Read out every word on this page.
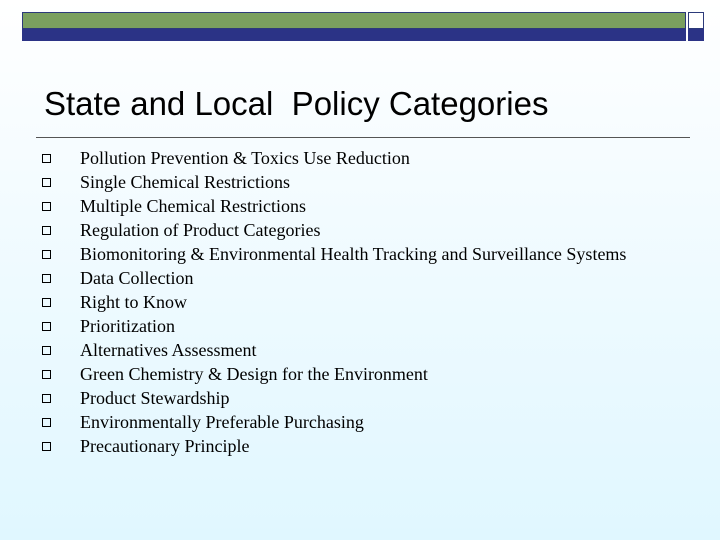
State and Local  Policy Categories
Pollution Prevention & Toxics Use Reduction
Single Chemical Restrictions
Multiple Chemical Restrictions
Regulation of Product Categories
Biomonitoring & Environmental Health Tracking and Surveillance Systems
Data Collection
Right to Know
Prioritization
Alternatives Assessment
Green Chemistry & Design for the Environment
Product Stewardship
Environmentally Preferable Purchasing
Precautionary Principle
